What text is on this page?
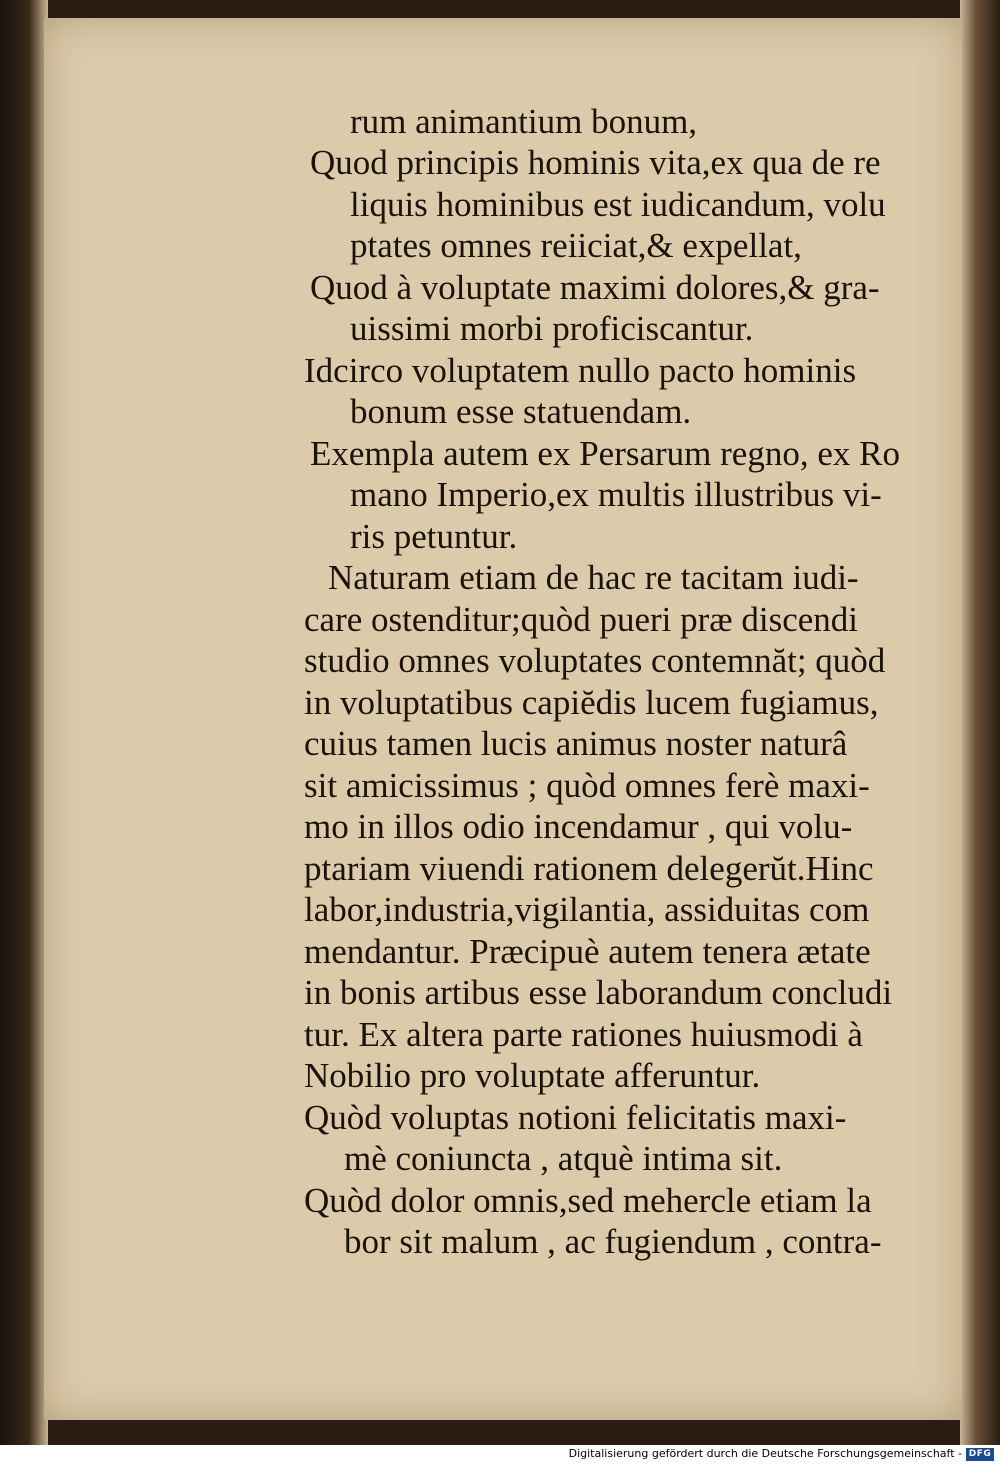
rum animantium bonum,
Quod principis hominis vita,ex qua de re
liquis hominibus est iudicandum, volu
ptates omnes reiiciat,& expellat,
Quod à voluptate maximi dolores,& gra-
uissimi morbi proficiscantur.
Idcirco voluptatem nullo pacto hominis
bonum esse statuendam.
Exempla autem ex Persarum regno, ex Ro
mano Imperio,ex multis illustribus vi-
ris petuntur.
Naturam etiam de hac re tacitam iudi-
care ostenditur;quòd pueri præ discendi
studio omnes voluptates contemnăt; quòd
in voluptatibus capiĕdis lucem fugiamus,
cuius tamen lucis animus noster naturâ
sit amicissimus ; quòd omnes ferè maxi-
mo in illos odio incendamur , qui volu-
ptariam viuendi rationem delegerŭt.Hinc
labor,industria,vigilantia, assiduitas com
mendantur. Præcipuè autem tenera ætate
in bonis artibus esse laborandum concludi
tur. Ex altera parte rationes huiusmodi à
Nobilio pro voluptate afferuntur.
Quòd voluptas notioni felicitatis maxi-
mè coniuncta , atquè intima sit.
Quòd dolor omnis,sed mehercle etiam la
bor sit malum , ac fugiendum , contra-
Digitalisierung gefördert durch die Deutsche Forschungsgemeinschaft - DFG
